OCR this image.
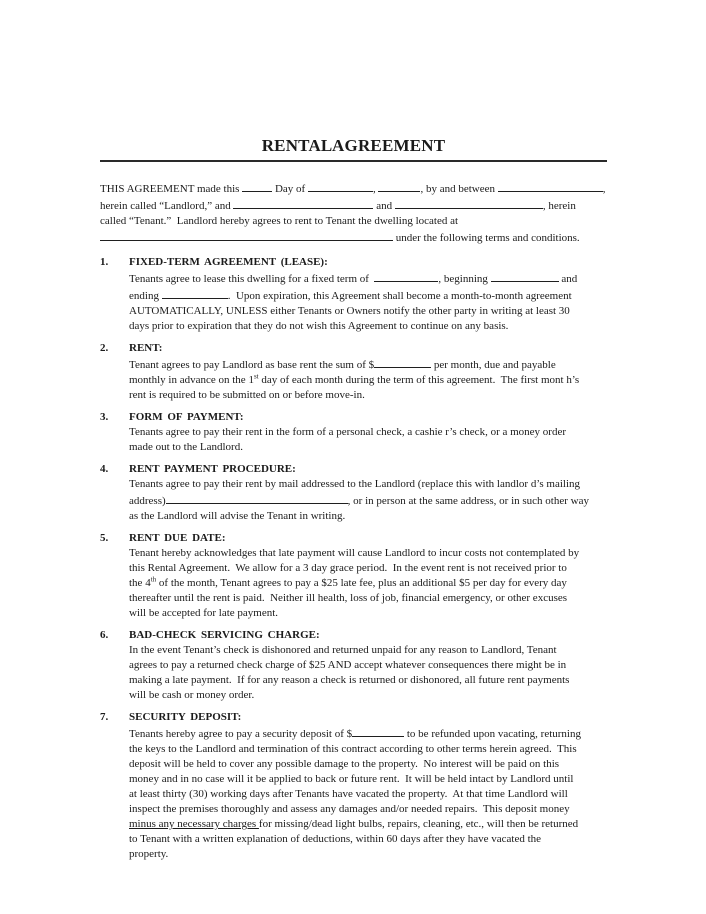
RENTAL AGREEMENT
THIS AGREEMENT made this	Day of	,	, by and between	,
herein called “Landlord,” and	and	, herein
called “Tenant.”  Landlord hereby agrees to rent to Tenant the dwelling located at
under the following terms and conditions.
1.	FIXED-TERM AGREEMENT (LEASE):
Tenants agree to lease this dwelling for a fixed term of	, beginning	and
ending	.  Upon expiration, this Agreement shall become a month-to-month agreement
AUTOMATICALLY, UNLESS either Tenants or Owners notify the other party in writing at least 30
days prior to expiration that they do not wish this Agreement to continue on any basis.
2.	RENT:
Tenant agrees to pay Landlord as base rent the sum of $	per month, due and payable
monthly in advance on the 1st day of each month during the term of this agreement.  The first mont h’s
rent is required to be submitted on or before move-in.
3.	FORM OF PAYMENT:
Tenants agree to pay their rent in the form of a personal check, a cashie r’s check, or a money order
made out to the Landlord.
4.	RENT PAYMENT PROCEDURE:
Tenants agree to pay their rent by mail addressed to the Landlord (replace this with landlor d’s mailing
address)	, or in person at the same address, or in such other way
as the Landlord will advise the Tenant in writing.
5.	RENT DUE DATE:
Tenant hereby acknowledges that late payment will cause Landlord to incur costs not contemplated by
this Rental Agreement.  We allow for a 3 day grace period.  In the event rent is not received prior to
the 4th of the month, Tenant agrees to pay a $25 late fee, plus an additional $5 per day for every day
thereafter until the rent is paid.  Neither ill health, loss of job, financial emergency, or other excuses
will be accepted for late payment.
6.	BAD-CHECK SERVICING CHARGE:
In the event Tenant’s check is dishonored and returned unpaid for any reason to Landlord, Tenant
agrees to pay a returned check charge of $25 AND accept whatever consequences there might be in
making a late payment.  If for any reason a check is returned or dishonored, all future rent payments
will be cash or money order.
7.	SECURITY DEPOSIT:
Tenants hereby agree to pay a security deposit of $	to be refunded upon vacating, returning
the keys to the Landlord and termination of this contract according to other terms herein agreed.  This
deposit will be held to cover any possible damage to the property.  No interest will be paid on this
money and in no case will it be applied to back or future rent.  It will be held intact by Landlord until
at least thirty (30) working days after Tenants have vacated the property.  At that time Landlord will
inspect the premises thoroughly and assess any damages and/or needed repairs.  This deposit money
minus any necessary charges for missing/dead light bulbs, repairs, cleaning, etc., will then be returned
to Tenant with a written explanation of deductions, within 60 days after they have vacated the
property.
